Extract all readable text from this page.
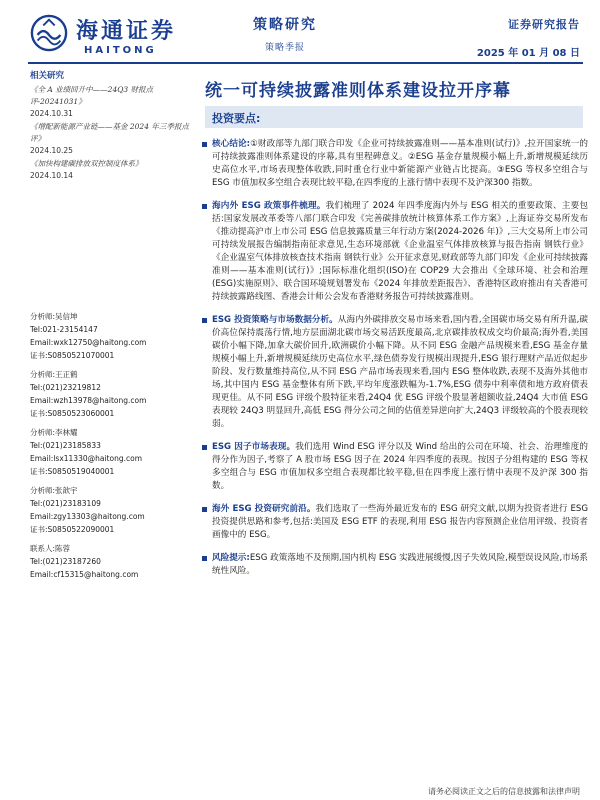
海通证券
HAITONG
策略研究
策略季报
证券研究报告
2025 年 01 月 08 日
相关研究
《全 A 业绩回升中——24Q3 财报点评-20241031》
2024.10.31
《增配新能源产业链——基金 2024 年三季报点评》
2024.10.25
《加快构建碳排放双控制度体系》
2024.10.14
分析师:吴信坤
Tel:021-23154147
Email:wxk12750@haitong.com
证书:S0850521070001
分析师:王正鹤
Tel:(021)23219812
Email:wzh13978@haitong.com
证书:S0850523060001
分析师:李林耀
Tel:(021)23185833
Email:lsx11330@haitong.com
证书:S0850519040001
分析师:张歆宇
Tel:(021)23183109
Email:zgy13303@haitong.com
证书:S0850522090001
联系人:陈蓉
Tel:(021)23187260
Email:cf15315@haitong.com
统一可持续披露准则体系建设拉开序幕
投资要点:
核心结论:①财政部等九部门联合印发《企业可持续披露准则——基本准则(试行)》,拉开国家统一的可持续披露准则体系建设的序幕,具有里程碑意义。②ESG 基金存量规模小幅上升,新增规模延续历史高位水平,市场表现整体收跌,同时重仓行业中新能源产业链占比提高。③ESG 等权多空组合与ESG 市值加权多空组合表现比较平稳,在四季度的上涨行情中表现不及沪深300 指数。
海内外 ESG 政策事件梳理。我们梳理了 2024 年四季度海内外与 ESG 相关的重要政策、主要包括:国家发展改革委等八部门联合印发《完善碳排放统计核算体系工作方案》,上海证券交易所发布《推动提高沪市上市公司 ESG 信息披露质量三年行动方案(2024-2026 年)》,三大交易所上市公司可持续发展报告编制指南征求意见,生态环境部就《企业温室气体排放核算与报告指南 钢铁行业》《企业温室气体排放核查技术指南 钢铁行业》公开征求意见,财政部等九部门印发《企业可持续披露准则——基本准则(试行)》;国际标准化组织(ISO)在 COP29 大会推出《全球环境、社会和治理(ESG)实施原则》、联合国环境规划署发布《2024 年排放差距报告》、香港特区政府推出有关香港可持续披露路线图、香港会计师公会发布香港财务报告可持续披露准则。
ESG 投资策略与市场数据分析。从海内外碳排放交易市场来看,国内看,全国碳市场交易有所升温,碳价高位保持震荡行情,地方层面湖北碳市场交易活跃度最高,北京碳排放权成交均价最高;海外看,美国碳价小幅下降,加拿大碳价回升,欧洲碳价小幅下降。从不同 ESG 金融产品规模来看,ESG 基金存量规模小幅上升,新增规模延续历史高位水平,绿色债券发行规模出现提升,ESG 银行理财产品近似起步阶段、发行数量维持高位,从不同 ESG 产品市场表现来看,国内 ESG 整体收跌,表现不及海外其他市场,其中国内 ESG 基金整体有所下跌,平均年度涨跌幅为-1.7%,ESG 债券中利率债和地方政府债表现更佳。从不同 ESG 评级个股特征来看,24Q4 优 ESG 评级个股显著超额收益,24Q4 大市值 ESG 表现较 24Q3 明显回升,高低 ESG 得分公司之间的估值差异逆向扩大,24Q3 评级较高的个股表现较弱。
ESG 因子市场表现。我们选用 Wind ESG 评分以及 Wind 给出的公司在环境、社会、治理维度的得分作为因子,考察了 A 股市场 ESG 因子在 2024 年四季度的表现。按因子分组构建的 ESG 等权多空组合与 ESG 市值加权多空组合表现都比较平稳,但在四季度上涨行情中表现不及沪深 300 指数。
海外 ESG 投资研究前沿。我们选取了一些海外最近发布的 ESG 研究文献,以期为投资者进行 ESG 投资提供思路和参考,包括:美国及 ESG ETF 的表现,利用 ESG 报告内容预测企业信用评级、投资者画像中的 ESG。
风险提示:ESG 政策落地不及预期,国内机构 ESG 实践进展缓慢,因子失效风险,模型误设风险,市场系统性风险。
请务必阅读正文之后的信息披露和法律声明
